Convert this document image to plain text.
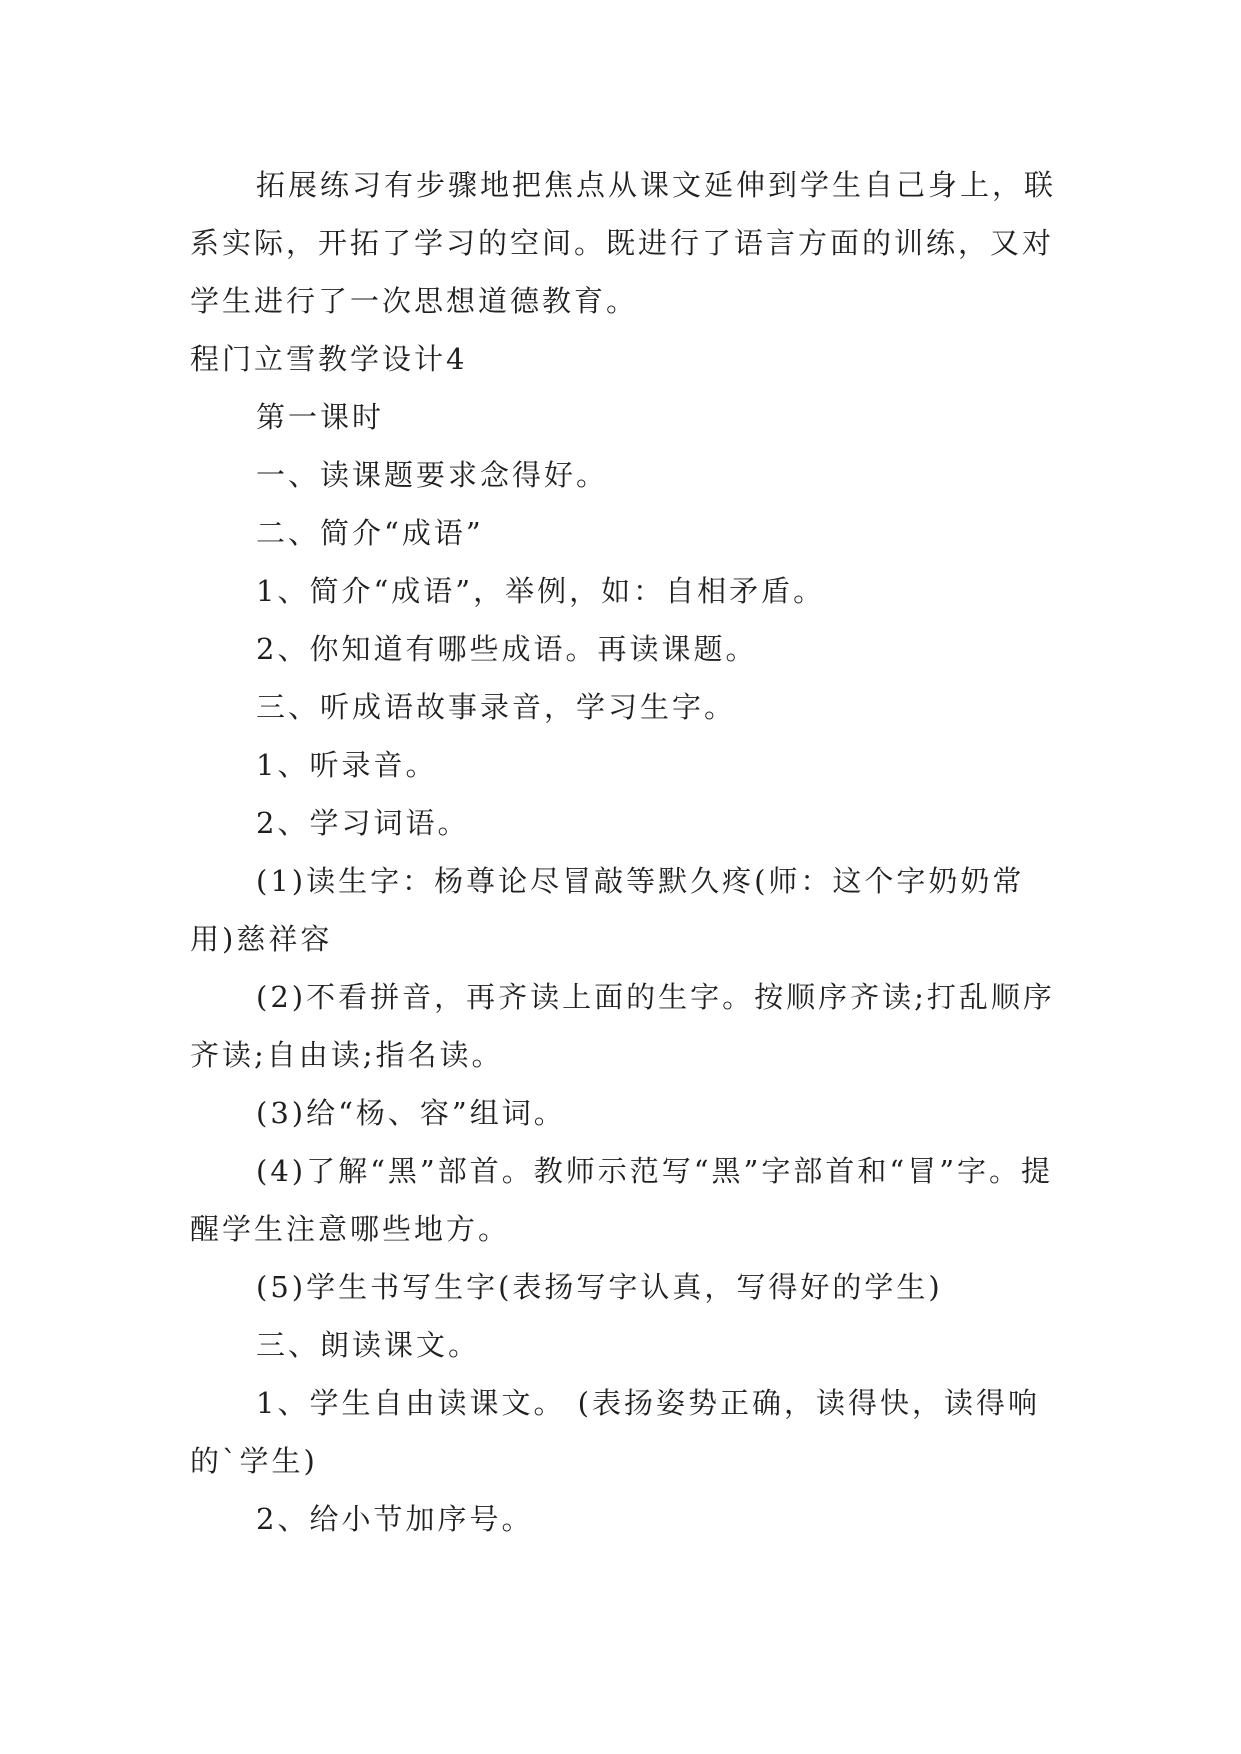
拓展练习有步骤地把焦点从课文延伸到学生自己身上，联系实际，开拓了学习的空间。既进行了语言方面的训练，又对学生进行了一次思想道德教育。

程门立雪教学设计4

第一课时

一、读课题要求念得好。

二、简介“成语”

1、简介“成语”，举例，如：自相矛盾。

2、你知道有哪些成语。再读课题。

三、听成语故事录音，学习生字。

1、听录音。

2、学习词语。

(1)读生字：杨尊论尽冒敲等默久疼(师：这个字奶奶常用)慈祥容

(2)不看拼音，再齐读上面的生字。按顺序齐读;打乱顺序齐读;自由读;指名读。

(3)给“杨、容”组词。

(4)了解“黑”部首。教师示范写“黑”字部首和“冒”字。提醒学生注意哪些地方。

(5)学生书写生字(表扬写字认真，写得好的学生)

三、朗读课文。

1、学生自由读课文。 (表扬姿势正确，读得快，读得响的`学生)

2、给小节加序号。
